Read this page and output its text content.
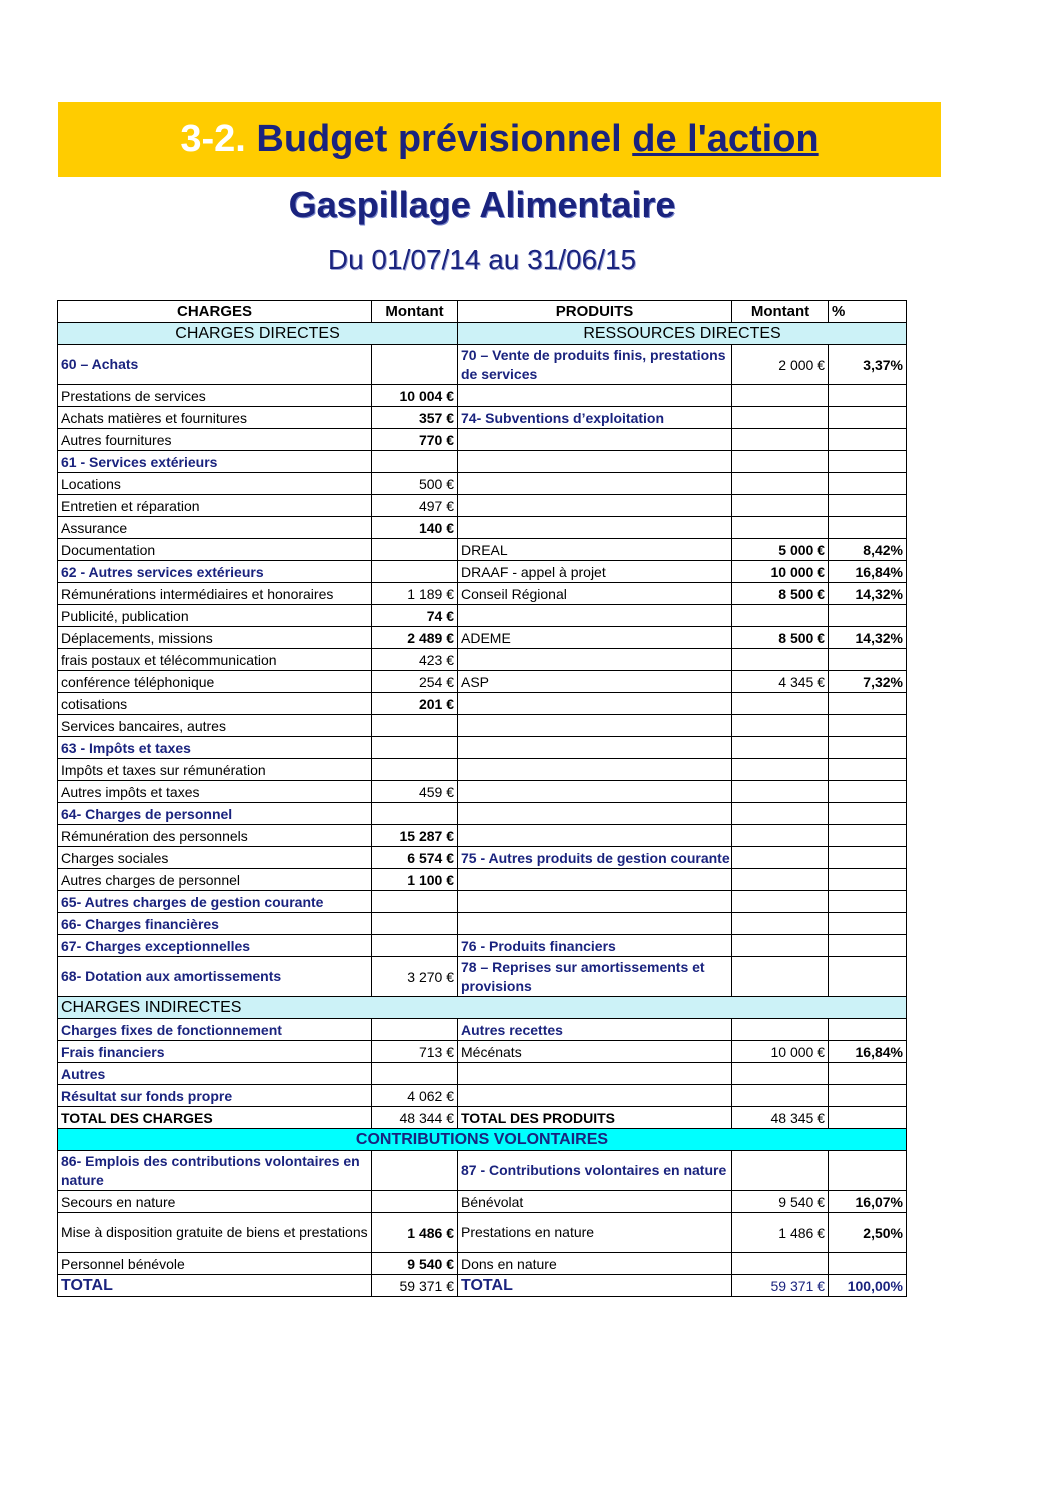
3-2. Budget prévisionnel de l'action
Gaspillage Alimentaire
Du 01/07/14 au 31/06/15
CHARGES	Montant	PRODUITS	Montant	%
CHARGES DIRECTES		RESSOURCES DIRECTES		
60 – Achats		70 – Vente de produits finis, prestations de services	2 000 €	3,37%
Prestations de services	10 004 €			
Achats matières et fournitures	357 €	74- Subventions d’exploitation		
Autres fournitures	770 €			
61 - Services extérieurs				
Locations	500 €			
Entretien et réparation	497 €			
Assurance	140 €			
Documentation		DREAL	5 000 €	8,42%
62 - Autres services extérieurs		DRAAF - appel à projet	10 000 €	16,84%
Rémunérations intermédiaires et honoraires	1 189 €	Conseil Régional	8 500 €	14,32%
Publicité, publication	74 €			
Déplacements, missions	2 489 €	ADEME	8 500 €	14,32%
frais postaux et télécommunication	423 €			
conférence téléphonique	254 €	ASP	4 345 €	7,32%
cotisations	201 €			
Services bancaires, autres				
63 - Impôts et taxes				
Impôts et taxes sur rémunération				
Autres impôts et taxes	459 €			
64- Charges de personnel				
Rémunération des personnels	15 287 €			
Charges sociales	6 574 €	75 - Autres produits de gestion courante		
Autres charges de personnel	1 100 €			
65- Autres charges de gestion courante				
66- Charges financières				
67- Charges exceptionnelles		76 - Produits financiers		
68- Dotation aux amortissements	3 270 €	78 – Reprises sur amortissements et provisions		
CHARGES INDIRECTES				
Charges fixes de fonctionnement		Autres recettes		
Frais financiers	713 €	Mécénats	10 000 €	16,84%
Autres				
Résultat sur fonds propre	4 062 €			
TOTAL DES CHARGES	48 344 €	TOTAL DES PRODUITS	48 345 €	
CONTRIBUTIONS VOLONTAIRES				
86- Emplois des contributions volontaires en nature		87 - Contributions volontaires en nature		
Secours en nature		Bénévolat	9 540 €	16,07%
Mise à disposition gratuite de biens et prestations	1 486 €	Prestations en nature	1 486 €	2,50%
Personnel bénévole	9 540 €	Dons en nature		
TOTAL	59 371 €	TOTAL	59 371 €	100,00%
